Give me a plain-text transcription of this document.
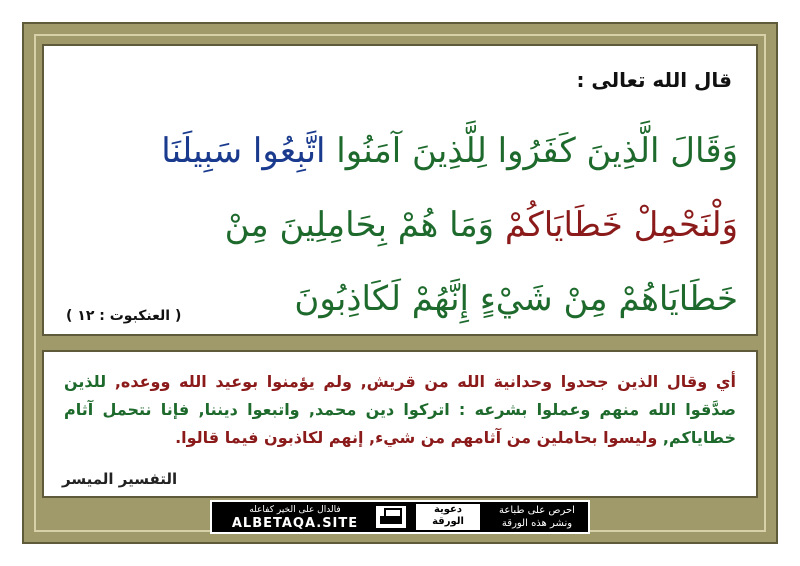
قال الله تعالى :
وَقَالَ الَّذِينَ كَفَرُوا لِلَّذِينَ آمَنُوا اتَّبِعُوا سَبِيلَنَا
وَلْنَحْمِلْ خَطَايَاكُمْ وَمَا هُمْ بِحَامِلِينَ مِنْ
خَطَايَاهُمْ مِنْ شَيْءٍ إِنَّهُمْ لَكَاذِبُونَ
( العنكبوت : ١٢ )
أي وقال الذين جحدوا وحدانية الله من قريش, ولم يؤمنوا بوعيد الله ووعده, للذين صدَّقوا الله منهم وعملوا بشرعه : اتركوا دين محمد, واتبعوا ديننا, فإنا نتحمل آثام خطاياكم, وليسوا بحاملين من آثامهم من شيء, إنهم لكاذبون فيما قالوا.
التفسير الميسر
احرص على طباعة
ونشر هذه الورقة
دعوية
الورقة
فالدال على الخير كفاعله
ALBETAQA.SITE
